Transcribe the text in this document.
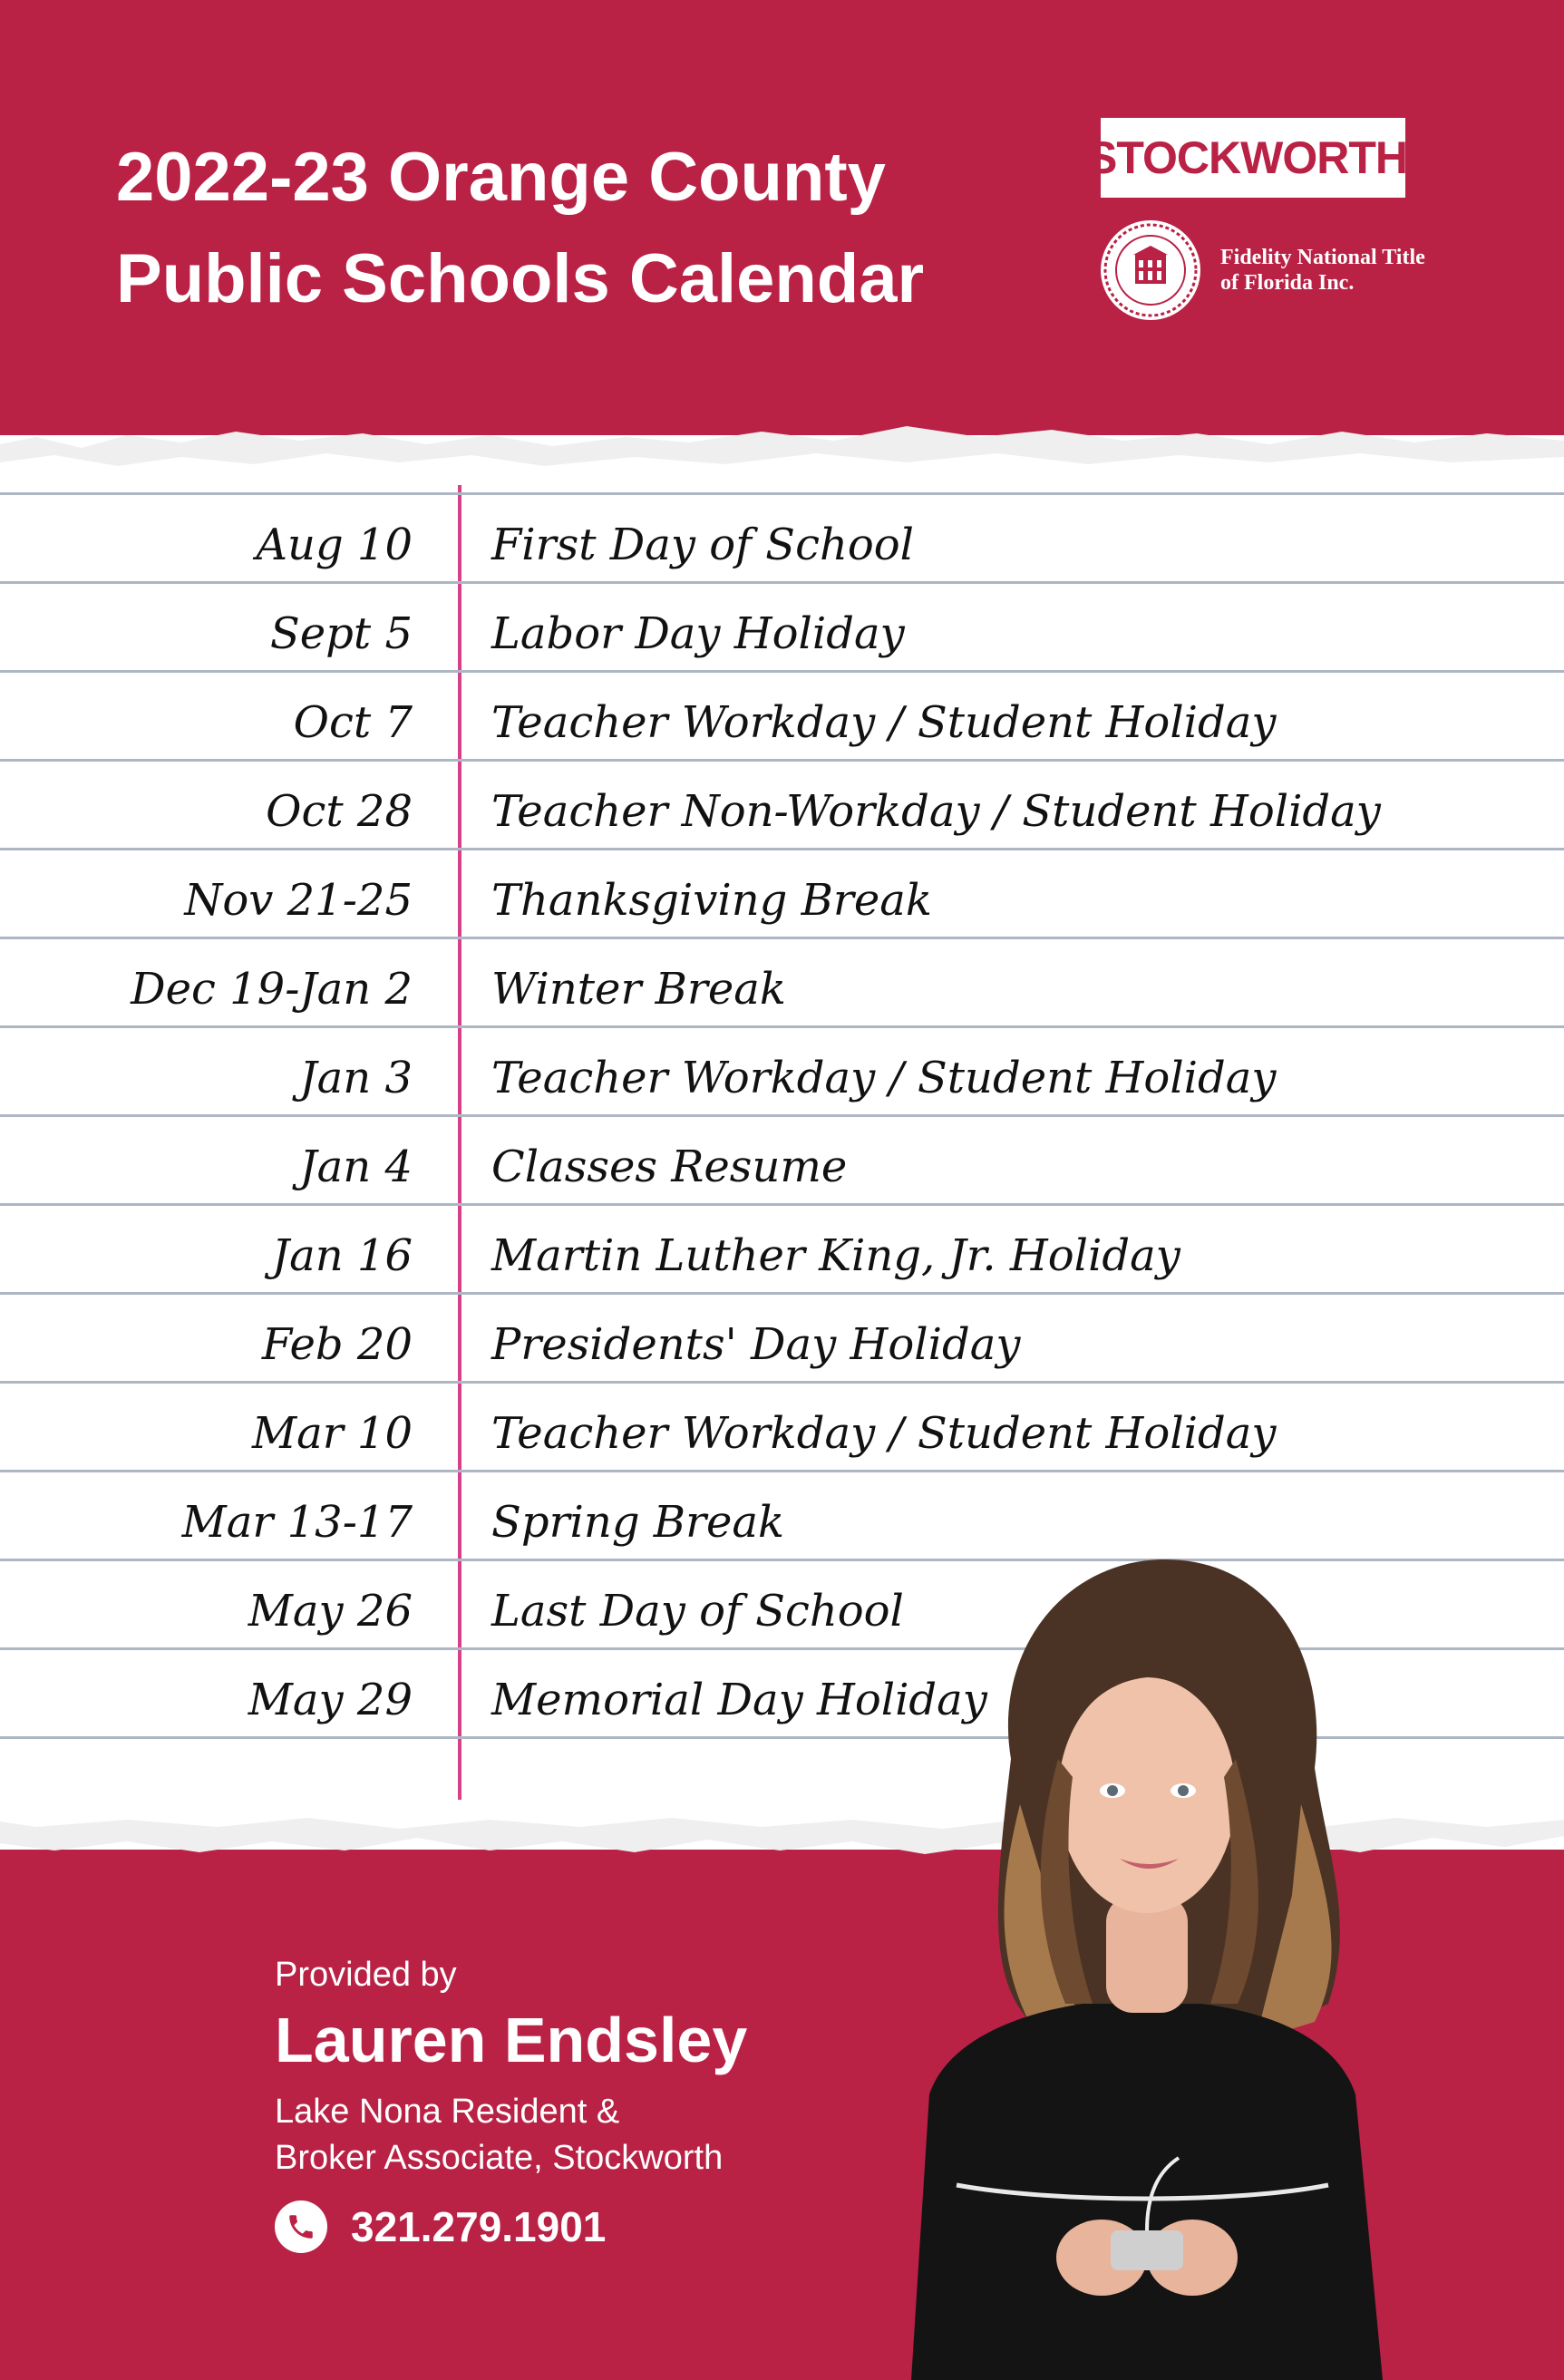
2022-23 Orange County
Public Schools Calendar
STOCKWORTH™
Fidelity National Title
of Florida Inc.
Aug 10 First Day of School
Sept 5 Labor Day Holiday
Oct 7 Teacher Workday / Student Holiday
Oct 28 Teacher Non-Workday / Student Holiday
Nov 21-25 Thanksgiving Break
Dec 19-Jan 2 Winter Break
Jan 3 Teacher Workday / Student Holiday
Jan 4 Classes Resume
Jan 16 Martin Luther King, Jr. Holiday
Feb 20 Presidents' Day Holiday
Mar 10 Teacher Workday / Student Holiday
Mar 13-17 Spring Break
May 26 Last Day of School
May 29 Memorial Day Holiday
Provided by
Lauren Endsley
Lake Nona Resident &
Broker Associate, Stockworth
321.279.1901
